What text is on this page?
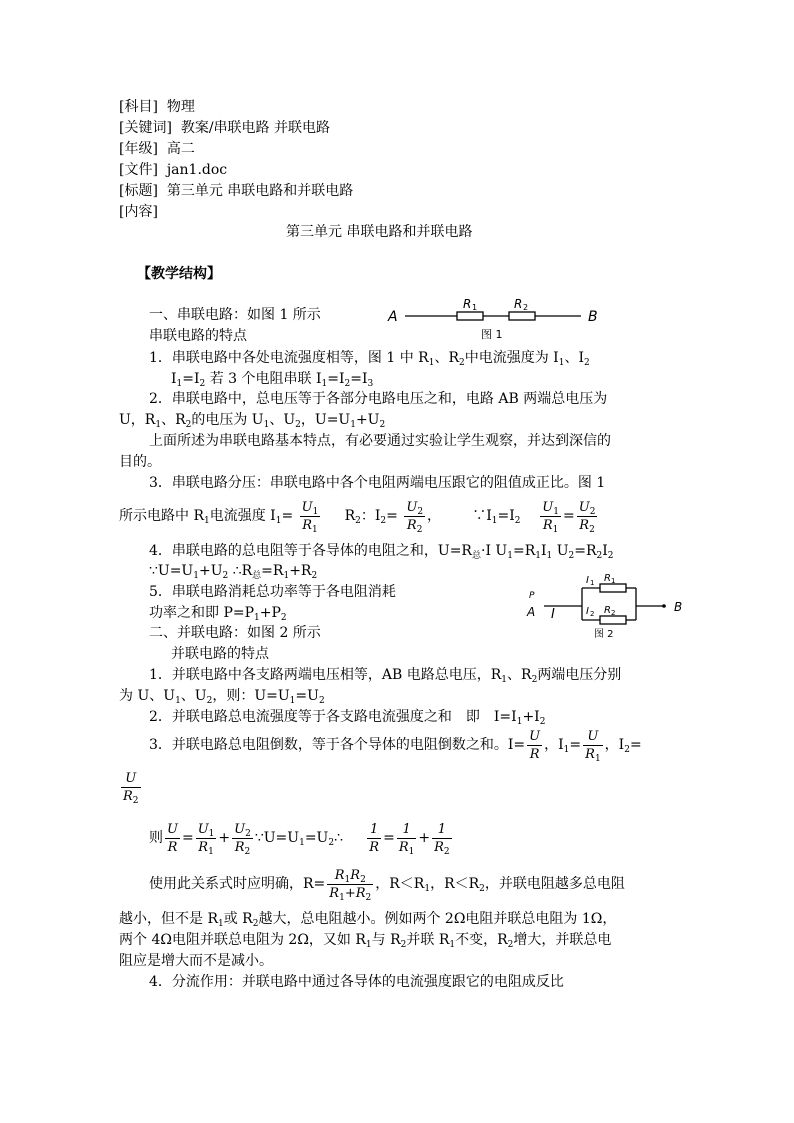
[科目] 物理
[关键词] 教案/串联电路 并联电路
[年级] 高二
[文件] jan1.doc
[标题] 第三单元 串联电路和并联电路
[内容]
第三单元 串联电路和并联电路
【教学结构】
A	B
R 1	R 2
图 1
一、串联电路：如图 1 所示
串联电路的特点
1．串联电路中各处电流强度相等，图 1 中 $R_1$、$R_2$中电流强度为 $I_1$、$I_2$
$I_1=I_2$ 若 3 个电阻串联 $I_1=I_2=I_3$
2．串联电路中，总电压等于各部分电路电压之和，电路 AB 两端总电压为
U，$R_1$、$R_2$的电压为 $U_1$、$U_2$，$U=U_1+U_2$
上面所述为串联电路基本特点，有必要通过实验让学生观察，并达到深信的
目的。
3．串联电路分压：串联电路中各个电阻两端电压跟它的阻值成正比。图 1
所示电路中 $R_1$电流强度 $I_1= \frac{U_1}{R_1} R_2$：$I_2= \frac{U_2}{R_2}$ ， $\because I_1=I_2 \frac{U_1}{R_1} = \frac{U_2}{R_2}$
4．串联电路的总电阻等于各导体的电阻之和，$U=R_总\cdot I$ $U_1=R_1I_1$ $U_2=R_2I_2$
$\because U=U_1+U_2$ $\therefore R_总=R_1+R_2$
5．串联电路消耗总功率等于各电阻消耗
功率之和即 $P=P_1+P_2$
P
A	B
I
I 1 R 1
I 2 R 2
图 2
二、并联电路：如图 2 所示
并联电路的特点
1．并联电路中各支路两端电压相等，AB 电路总电压，$R_1$、$R_2$两端电压分别
为 U、$U_1$、$U_2$，则：$U=U_1=U_2$
2．并联电路总电流强度等于各支路电流强度之和　即　$I=I_1+I_2$
3．并联电路总电阻倒数，等于各个导体的电阻倒数之和。$I= \frac{U}{R}$ ，$I_1= \frac{U}{R_1}$ ，$I_2=$
$\frac{U}{R_2}$
则 $\frac{U}{R} = \frac{U_1}{R_1} + \frac{U_2}{R_2}$ $\because U=U_1=U_2\therefore \frac{1}{R} = \frac{1}{R_1} + \frac{1}{R_2}$
使用此关系式时应明确，$R= \frac{R_1R_2}{R_1+R_2}$ ，$R<R_1$，$R<R_2$，并联电阻越多总电阻
越小，但不是 $R_1$或 $R_2$越大，总电阻越小。例如两个 2Ω电阻并联总电阻为 1Ω，
两个 4Ω电阻并联总电阻为 2Ω，又如 $R_1$与 $R_2$并联 $R_1$不变，$R_2$增大，并联总电
阻应是增大而不是减小。
4．分流作用：并联电路中通过各导体的电流强度跟它的电阻成反比
